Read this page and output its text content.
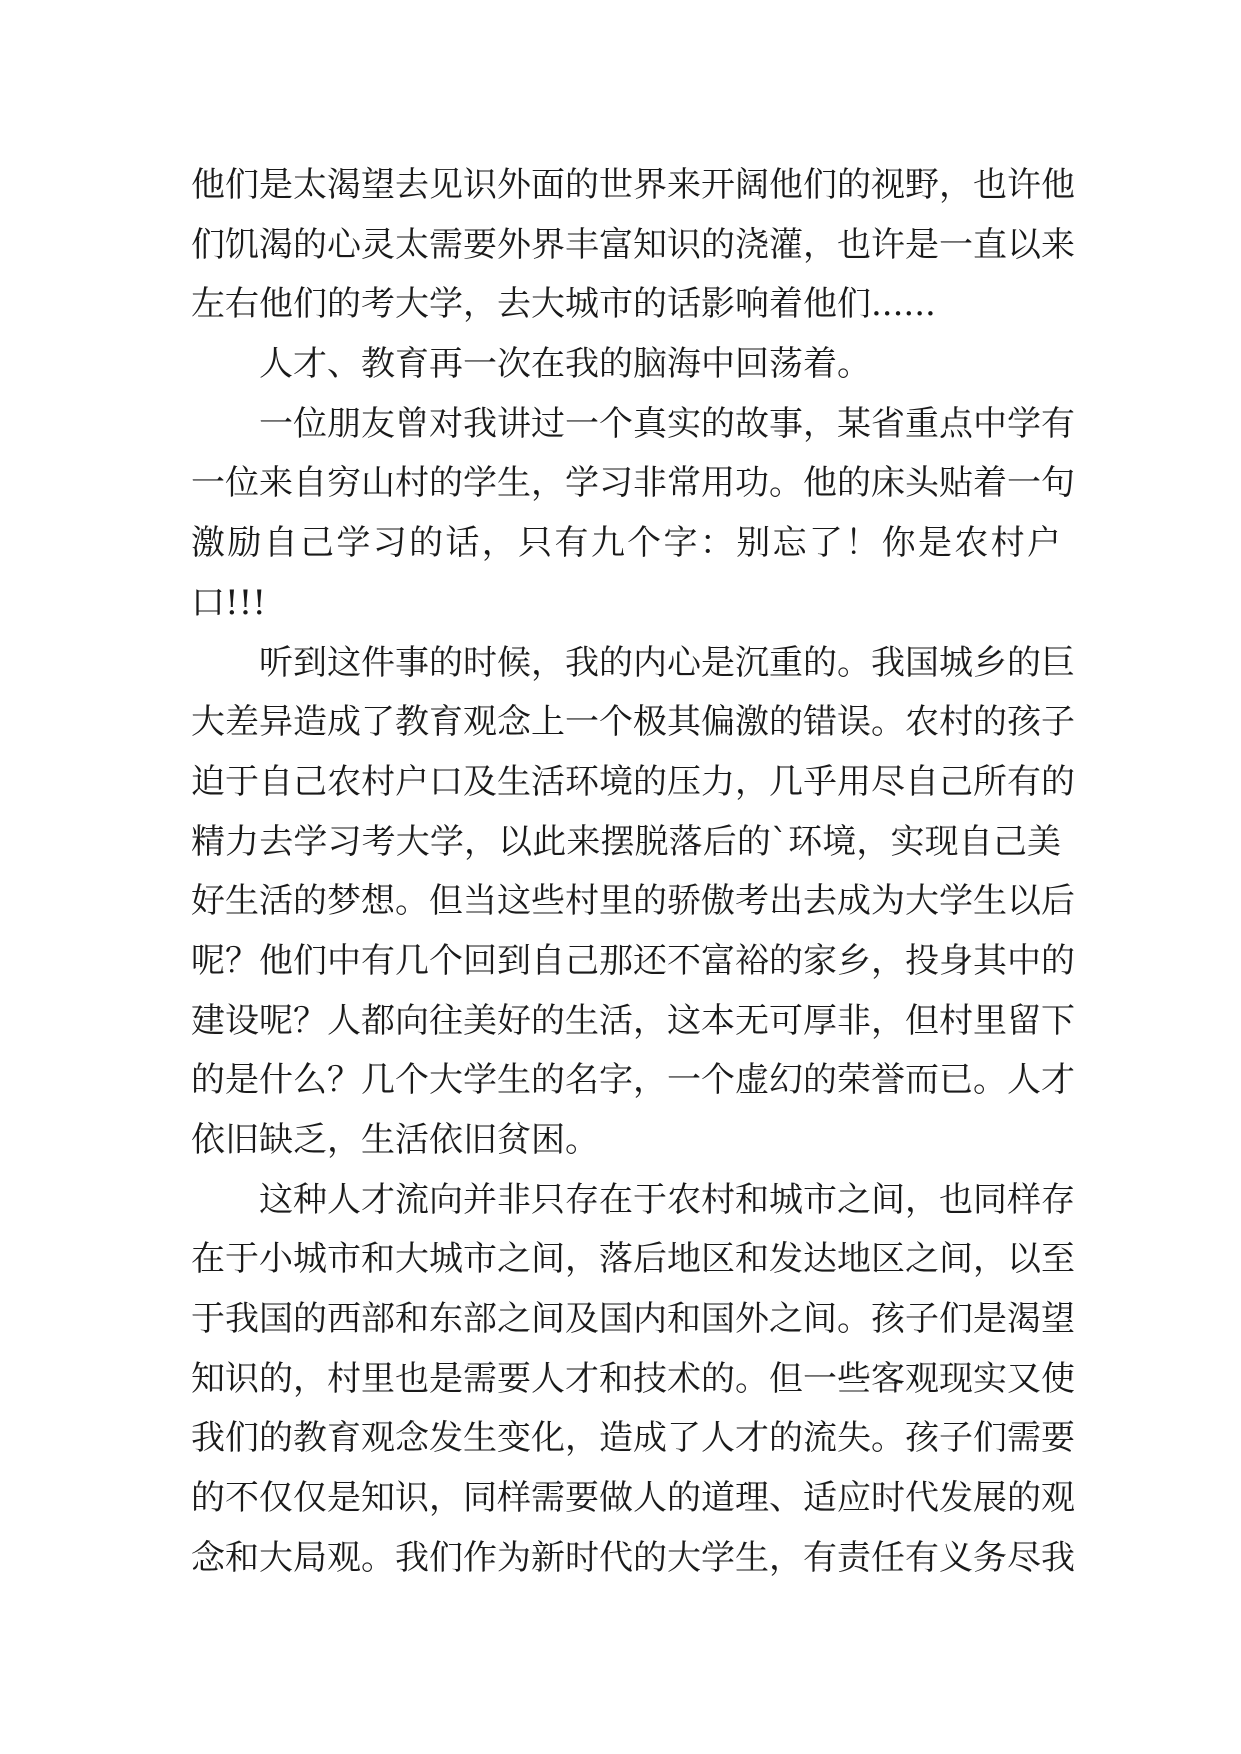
他们是太渴望去见识外面的世界来开阔他们的视野，也许他
们饥渴的心灵太需要外界丰富知识的浇灌，也许是一直以来
左右他们的考大学，去大城市的话影响着他们......
人才、教育再一次在我的脑海中回荡着。
一位朋友曾对我讲过一个真实的故事，某省重点中学有
一位来自穷山村的学生，学习非常用功。他的床头贴着一句
激励自己学习的话，只有九个字：别忘了！你是农村户
口!!!
听到这件事的时候，我的内心是沉重的。我国城乡的巨
大差异造成了教育观念上一个极其偏激的错误。农村的孩子
迫于自己农村户口及生活环境的压力，几乎用尽自己所有的
精力去学习考大学，以此来摆脱落后的`环境，实现自己美
好生活的梦想。但当这些村里的骄傲考出去成为大学生以后
呢？他们中有几个回到自己那还不富裕的家乡，投身其中的
建设呢？人都向往美好的生活，这本无可厚非，但村里留下
的是什么？几个大学生的名字，一个虚幻的荣誉而已。人才
依旧缺乏，生活依旧贫困。
这种人才流向并非只存在于农村和城市之间，也同样存
在于小城市和大城市之间，落后地区和发达地区之间，以至
于我国的西部和东部之间及国内和国外之间。孩子们是渴望
知识的，村里也是需要人才和技术的。但一些客观现实又使
我们的教育观念发生变化，造成了人才的流失。孩子们需要
的不仅仅是知识，同样需要做人的道理、适应时代发展的观
念和大局观。我们作为新时代的大学生，有责任有义务尽我
